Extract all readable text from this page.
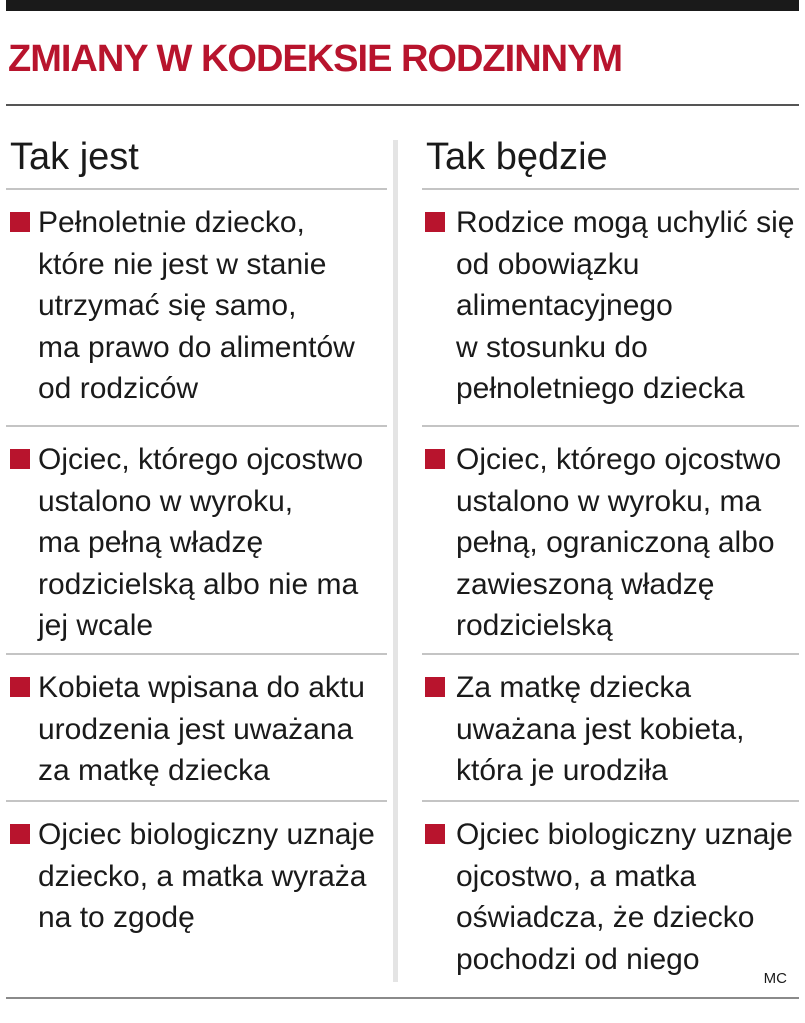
ZMIANY W KODEKSIE RODZINNYM
Tak jest
Pełnoletnie dziecko,
które nie jest w stanie
utrzymać się samo,
ma prawo do alimentów
od rodziców
Ojciec, którego ojcostwo
ustalono w wyroku,
ma pełną władzę
rodzicielską albo nie ma
jej wcale
Kobieta wpisana do aktu
urodzenia jest uważana
za matkę dziecka
Ojciec biologiczny uznaje
dziecko, a matka wyraża
na to zgodę
Tak będzie
Rodzice mogą uchylić się
od obowiązku
alimentacyjnego
w stosunku do
pełnoletniego dziecka
Ojciec, którego ojcostwo
ustalono w wyroku, ma
pełną, ograniczoną albo
zawieszoną władzę
rodzicielską
Za matkę dziecka
uważana jest kobieta,
która je urodziła
Ojciec biologiczny uznaje
ojcostwo, a matka
oświadcza, że dziecko
pochodzi od niego
MC
